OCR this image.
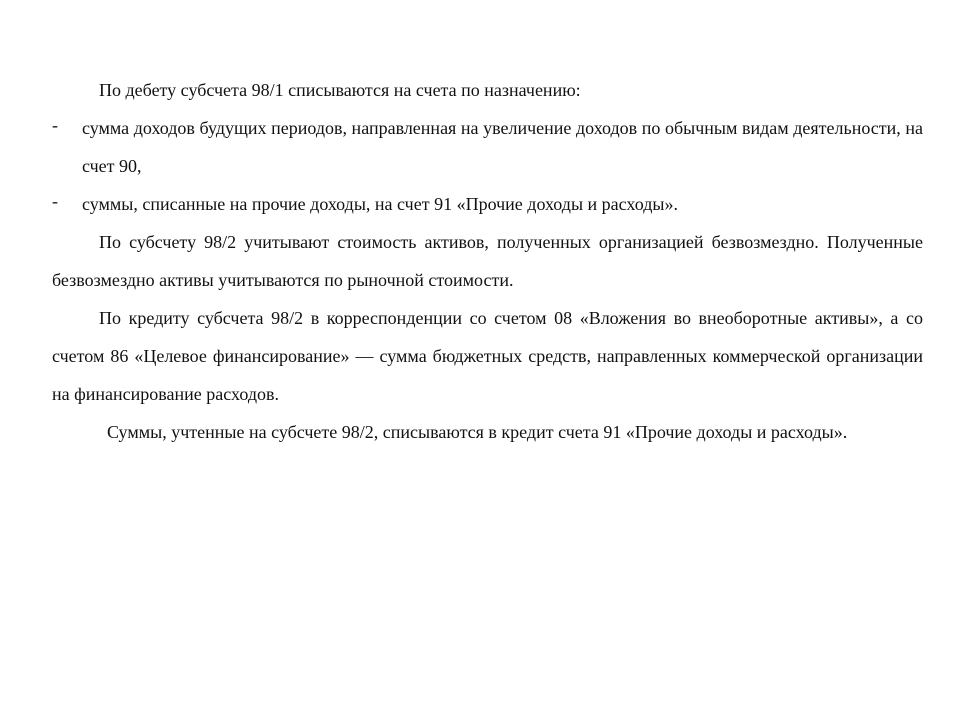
По дебету субсчета 98/1 списываются на счета по назначению:

- сумма доходов будущих периодов, направленная на увеличение доходов по обычным видам деятельности, на счет 90,

- суммы, списанные на прочие доходы, на счет 91 «Прочие доходы и расходы».

По субсчету 98/2 учитывают стоимость активов, полученных организацией безвозмездно. Полученные безвозмездно активы учитываются по рыночной стоимости.

По кредиту субсчета 98/2 в корреспонденции со счетом 08 «Вложения во внеоборотные активы», а со счетом 86 «Целевое финансирование» — сумма бюджетных средств, направленных коммерческой организации на финансирование расходов.

Суммы, учтенные на субсчете 98/2, списываются в кредит счета 91 «Прочие доходы и расходы».
